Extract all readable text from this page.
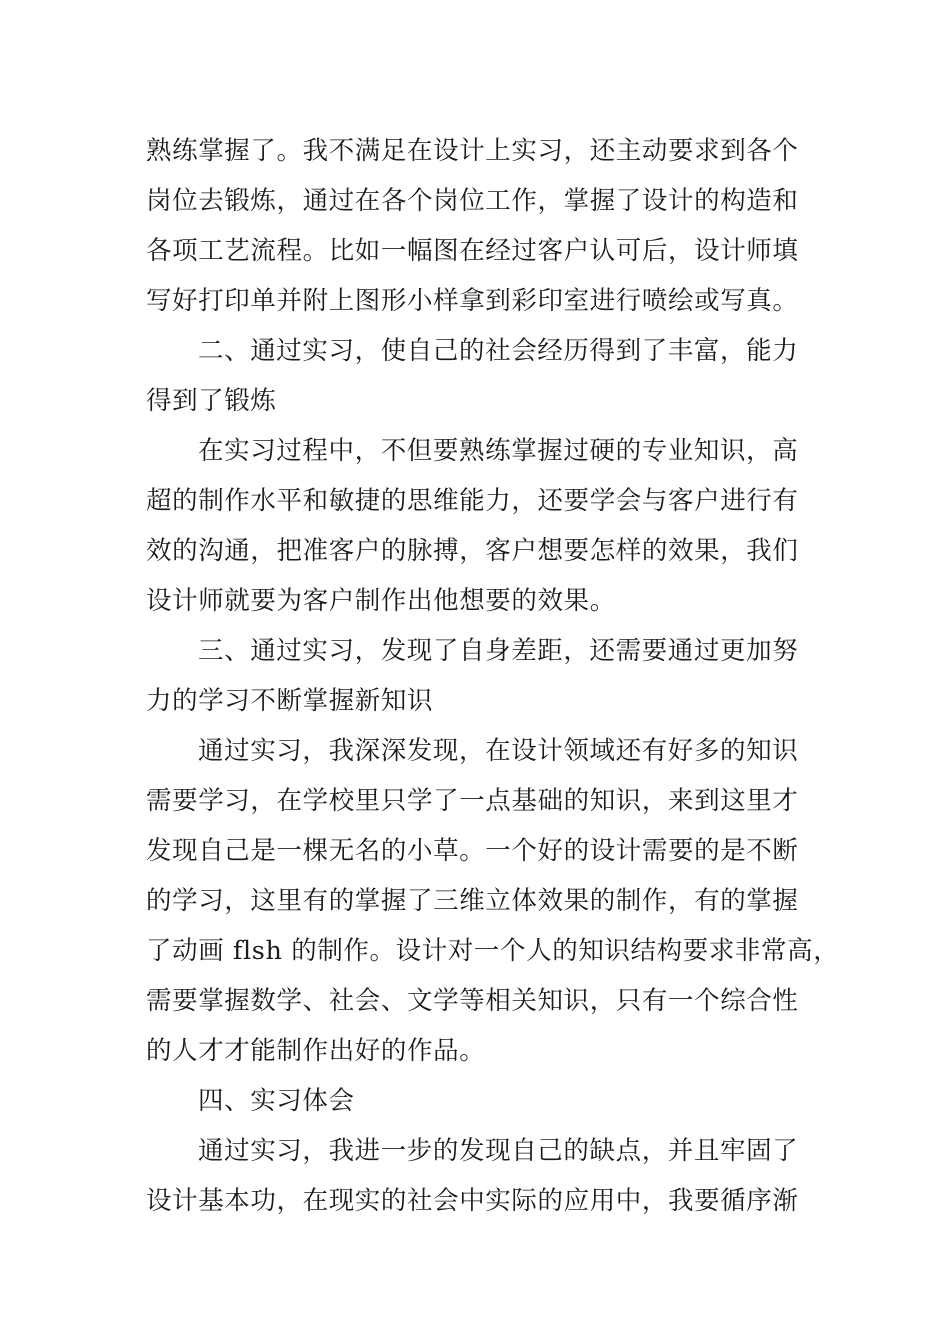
熟练掌握了。我不满足在设计上实习，还主动要求到各个
岗位去锻炼，通过在各个岗位工作，掌握了设计的构造和
各项工艺流程。比如一幅图在经过客户认可后，设计师填
写好打印单并附上图形小样拿到彩印室进行喷绘或写真。
二、通过实习，使自己的社会经历得到了丰富，能力
得到了锻炼
在实习过程中，不但要熟练掌握过硬的专业知识，高
超的制作水平和敏捷的思维能力，还要学会与客户进行有
效的沟通，把准客户的脉搏，客户想要怎样的效果，我们
设计师就要为客户制作出他想要的效果。
三、通过实习，发现了自身差距，还需要通过更加努
力的学习不断掌握新知识
通过实习，我深深发现，在设计领域还有好多的知识
需要学习，在学校里只学了一点基础的知识，来到这里才
发现自己是一棵无名的小草。一个好的设计需要的是不断
的学习，这里有的掌握了三维立体效果的制作，有的掌握
了动画 flsh 的制作。设计对一个人的知识结构要求非常高，
需要掌握数学、社会、文学等相关知识，只有一个综合性
的人才才能制作出好的作品。
四、实习体会
通过实习，我进一步的发现自己的缺点，并且牢固了
设计基本功，在现实的社会中实际的应用中，我要循序渐
